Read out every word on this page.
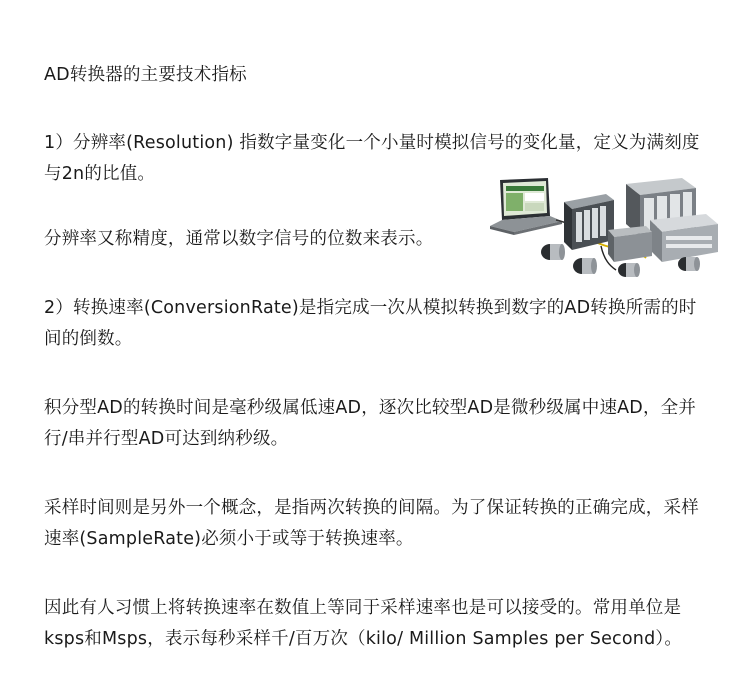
AD转换器的主要技术指标

1）分辨率(Resolution) 指数字量变化一个小量时模拟信号的变化量，定义为满刻度与2n的比值。

分辨率又称精度，通常以数字信号的位数来表示。

2）转换速率(ConversionRate)是指完成一次从模拟转换到数字的AD转换所需的时间的倒数。

积分型AD的转换时间是毫秒级属低速AD，逐次比较型AD是微秒级属中速AD，全并行/串并行型AD可达到纳秒级。

采样时间则是另外一个概念，是指两次转换的间隔。为了保证转换的正确完成，采样速率(SampleRate)必须小于或等于转换速率。

因此有人习惯上将转换速率在数值上等同于采样速率也是可以接受的。常用单位是ksps和Msps，表示每秒采样千/百万次（kilo/ Million Samples per Second）。
